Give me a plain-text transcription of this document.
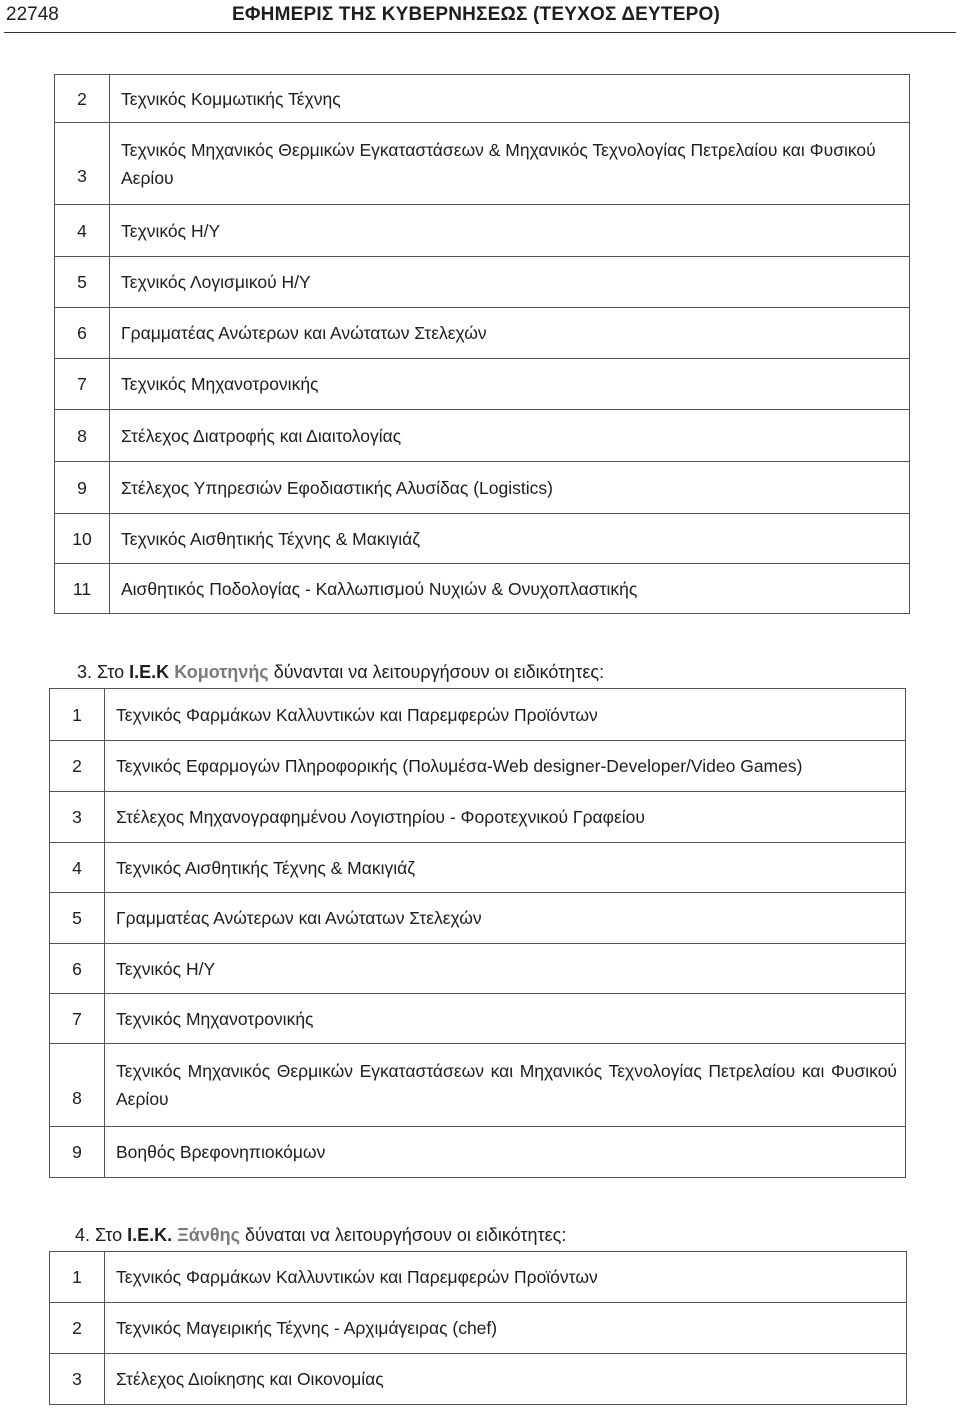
22748	ΕΦΗΜΕΡΙΣ ΤΗΣ ΚΥΒΕΡΝΗΣΕΩΣ (ΤΕΥΧΟΣ ΔΕΥΤΕΡΟ)
2	Τεχνικός Κομμωτικής Τέχνης
3	Τεχνικός Μηχανικός Θερμικών Εγκαταστάσεων & Μηχανικός Τεχνολογίας Πετρελαίου και Φυσικού Αερίου
4	Τεχνικός Η/Υ
5	Τεχνικός Λογισμικού Η/Υ
6	Γραμματέας Ανώτερων και Ανώτατων Στελεχών
7	Τεχνικός Μηχανοτρονικής
8	Στέλεχος Διατροφής και Διαιτολογίας
9	Στέλεχος Υπηρεσιών Εφοδιαστικής Αλυσίδας (Logistics)
10	Τεχνικός Αισθητικής Τέχνης & Μακιγιάζ
11	Αισθητικός Ποδολογίας - Καλλωπισμού Νυχιών & Ονυχοπλαστικής
3. Στο Ι.Ε.Κ Κομοτηνής δύνανται να λειτουργήσουν οι ειδικότητες:
1	Τεχνικός Φαρμάκων Καλλυντικών και Παρεμφερών Προϊόντων
2	Τεχνικός Εφαρμογών Πληροφορικής (Πολυμέσα-Web designer-Developer/Video Games)
3	Στέλεχος Μηχανογραφημένου Λογιστηρίου - Φοροτεχνικού Γραφείου
4	Τεχνικός Αισθητικής Τέχνης & Μακιγιάζ
5	Γραμματέας Ανώτερων και Ανώτατων Στελεχών
6	Τεχνικός Η/Υ
7	Τεχνικός Μηχανοτρονικής
8	Τεχνικός Μηχανικός Θερμικών Εγκαταστάσεων και Μηχανικός Τεχνολογίας Πετρελαίου και Φυσικού Αερίου
9	Βοηθός Βρεφονηπιοκόμων
4. Στο Ι.Ε.Κ. Ξάνθης δύναται να λειτουργήσουν οι ειδικότητες:
1	Τεχνικός Φαρμάκων Καλλυντικών και Παρεμφερών Προϊόντων
2	Τεχνικός Μαγειρικής Τέχνης - Αρχιμάγειρας (chef)
3	Στέλεχος Διοίκησης και Οικονομίας
